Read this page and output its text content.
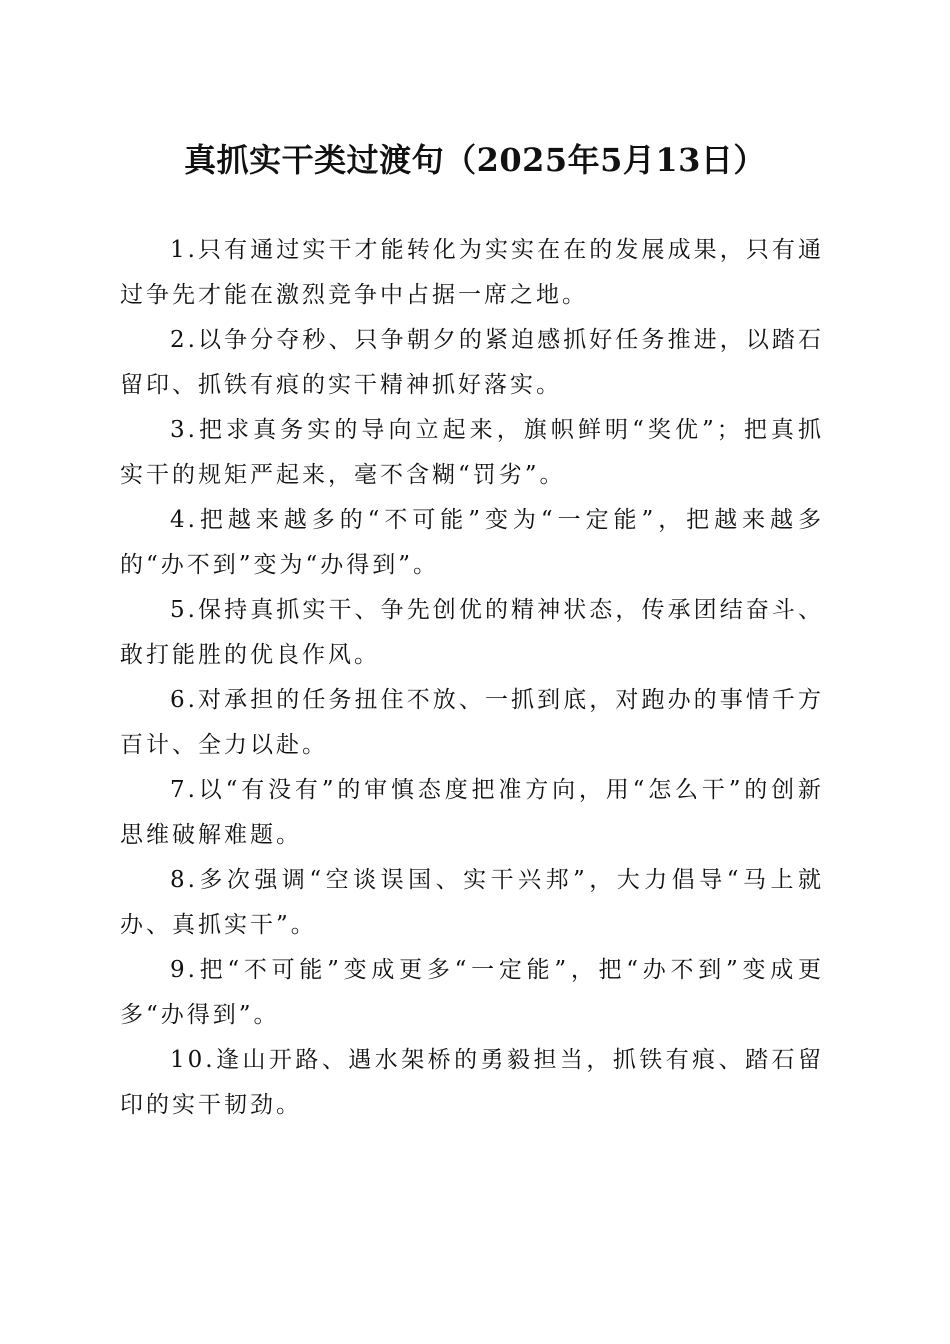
真抓实干类过渡句（2025年5月13日）

1.只有通过实干才能转化为实实在在的发展成果，只有通过争先才能在激烈竞争中占据一席之地。

2.以争分夺秒、只争朝夕的紧迫感抓好任务推进，以踏石留印、抓铁有痕的实干精神抓好落实。

3.把求真务实的导向立起来，旗帜鲜明“奖优”；把真抓实干的规矩严起来，毫不含糊“罚劣”。

4.把越来越多的“不可能”变为“一定能”，把越来越多的“办不到”变为“办得到”。

5.保持真抓实干、争先创优的精神状态，传承团结奋斗、敢打能胜的优良作风。

6.对承担的任务扭住不放、一抓到底，对跑办的事情千方百计、全力以赴。

7.以“有没有”的审慎态度把准方向，用“怎么干”的创新思维破解难题。

8.多次强调“空谈误国、实干兴邦”，大力倡导“马上就办、真抓实干”。

9.把“不可能”变成更多“一定能”，把“办不到”变成更多“办得到”。

10.逢山开路、遇水架桥的勇毅担当，抓铁有痕、踏石留印的实干韧劲。
